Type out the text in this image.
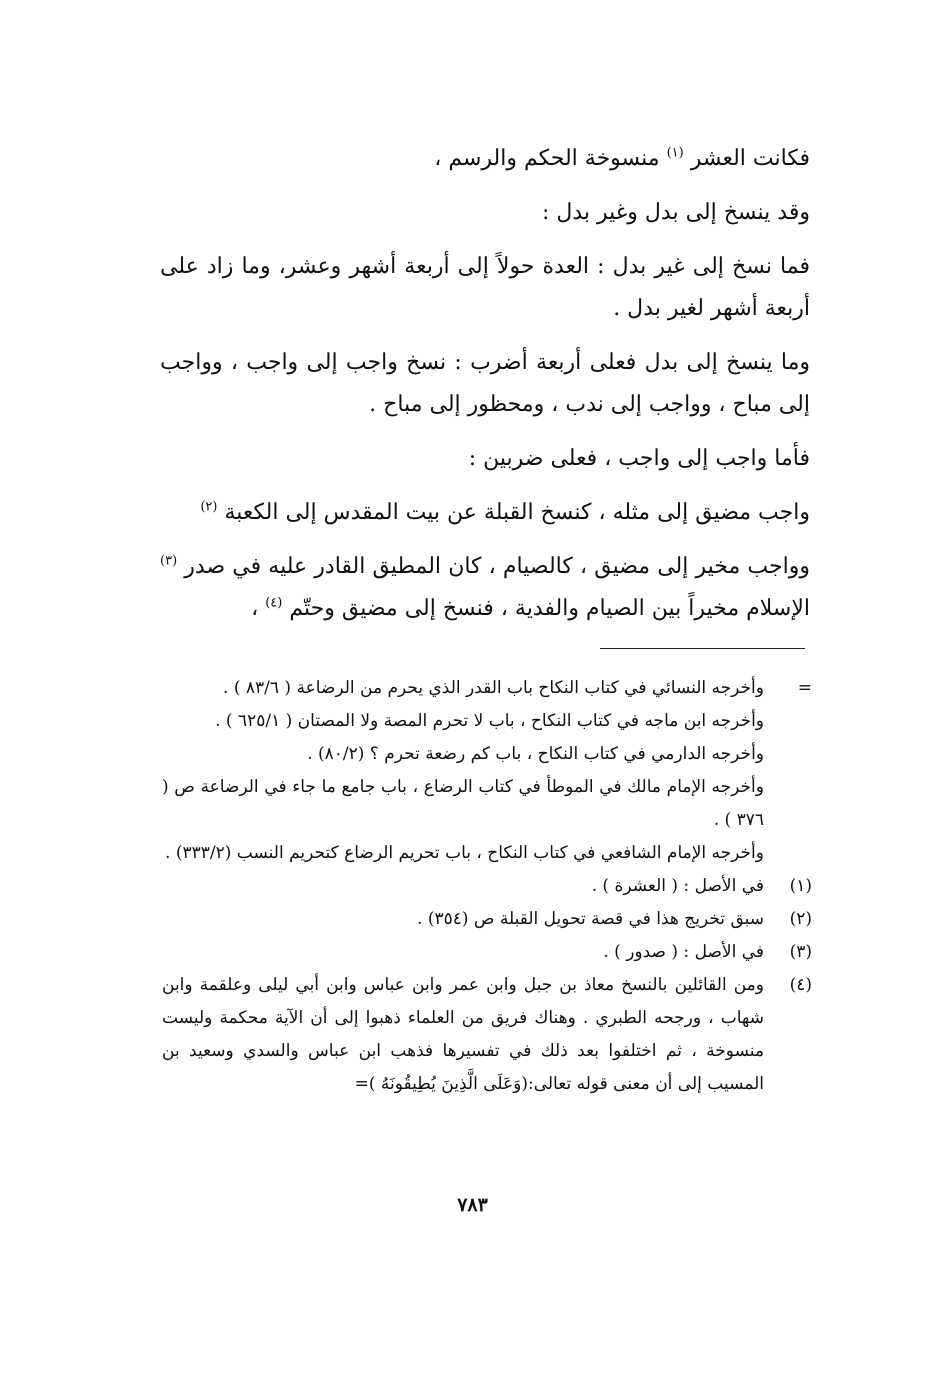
فكانت العشر $^{(١)}$ منسوخة الحكم والرسم ،

وقد ينسخ إلى بدل وغير بدل :

فما نسخ إلى غير بدل : العدة حولاً إلى أربعة أشهر وعشر، وما زاد على أربعة أشهر لغير بدل .

وما ينسخ إلى بدل فعلى أربعة أضرب : نسخ واجب إلى واجب ، وواجب إلى مباح ، وواجب إلى ندب ، ومحظور إلى مباح .

فأما واجب إلى واجب ، فعلى ضربين :

واجب مضيق إلى مثله ، كنسخ القبلة عن بيت المقدس إلى الكعبة $^{(٢)}$

وواجب مخير إلى مضيق ، كالصيام ، كان المطيق القادر عليه في صدر $^{(٣)}$ الإسلام مخيراً بين الصيام والفدية ، فنسخ إلى مضيق وحتّم $^{(٤)}$ ،

=

وأخرجه النسائي في كتاب النكاح باب القدر الذي يحرم من الرضاعة ( ٨٣/٦ ) .

وأخرجه ابن ماجه في كتاب النكاح ، باب لا تحرم المصة ولا المصتان ( ٦٢٥/١ ) .

وأخرجه الدارمي في كتاب النكاح ، باب كم رضعة تحرم ؟ (٨٠/٢) .

وأخرجه الإمام مالك في الموطأ في كتاب الرضاع ، باب جامع ما جاء في الرضاعة ص ( ٣٧٦ ) .

وأخرجه الإمام الشافعي في كتاب النكاح ، باب تحريم الرضاع كتحريم النسب (٣٣٣/٢) .

(١)
في الأصل : ( العشرة ) .
(٢)
سبق تخريج هذا في قصة تحويل القبلة ص (٣٥٤) .
(٣)
في الأصل : ( صدور ) .
(٤)
ومن القائلين بالنسخ معاذ بن جبل وابن عمر وابن عباس وابن أبي ليلى وعلقمة وابن شهاب ، ورجحه الطبري . وهناك فريق من العلماء ذهبوا إلى أن الآية محكمة وليست منسوخة ، ثم اختلفوا بعد ذلك في تفسيرها فذهب ابن عباس والسدي وسعيد بن المسيب إلى أن معنى قوله تعالى:(وَعَلَى الَّذِينَ يُطِيقُونَهُ )=
٧٨٣
